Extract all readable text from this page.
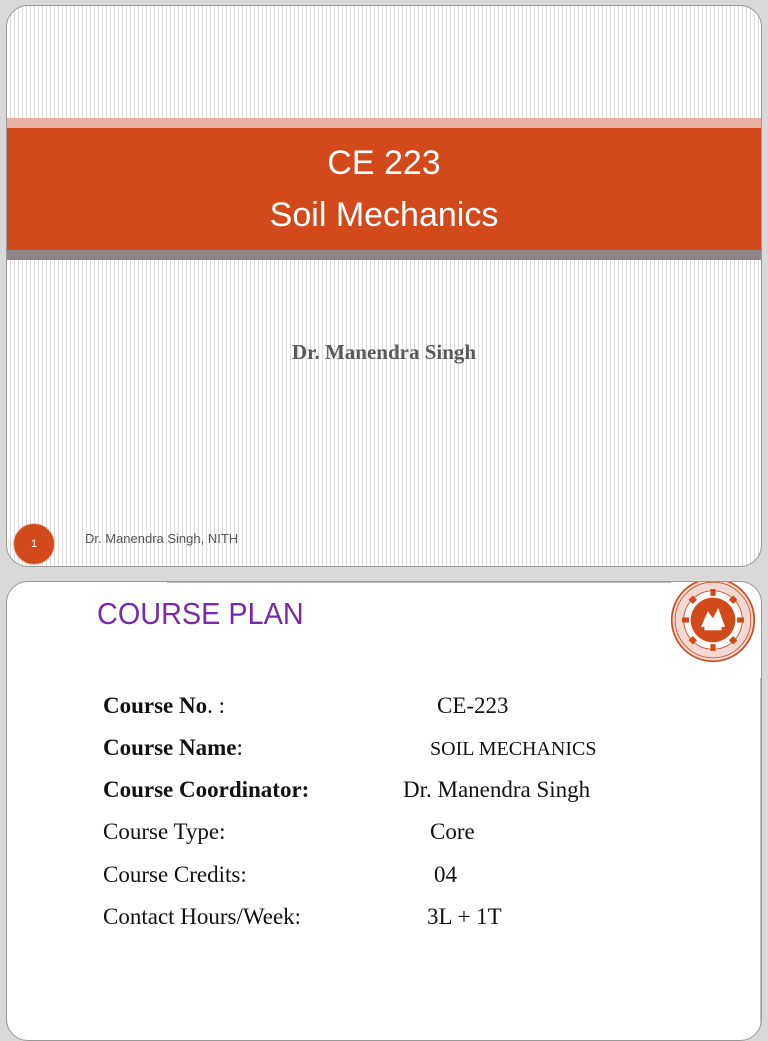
CE 223
Soil Mechanics
Dr. Manendra Singh
1	Dr. Manendra Singh, NITH
COURSE PLAN
Course No. :	CE-223
Course Name:	SOIL MECHANICS
Course Coordinator:	Dr. Manendra Singh
Course Type:	Core
Course Credits:	04
Contact Hours/Week:	3L + 1T
